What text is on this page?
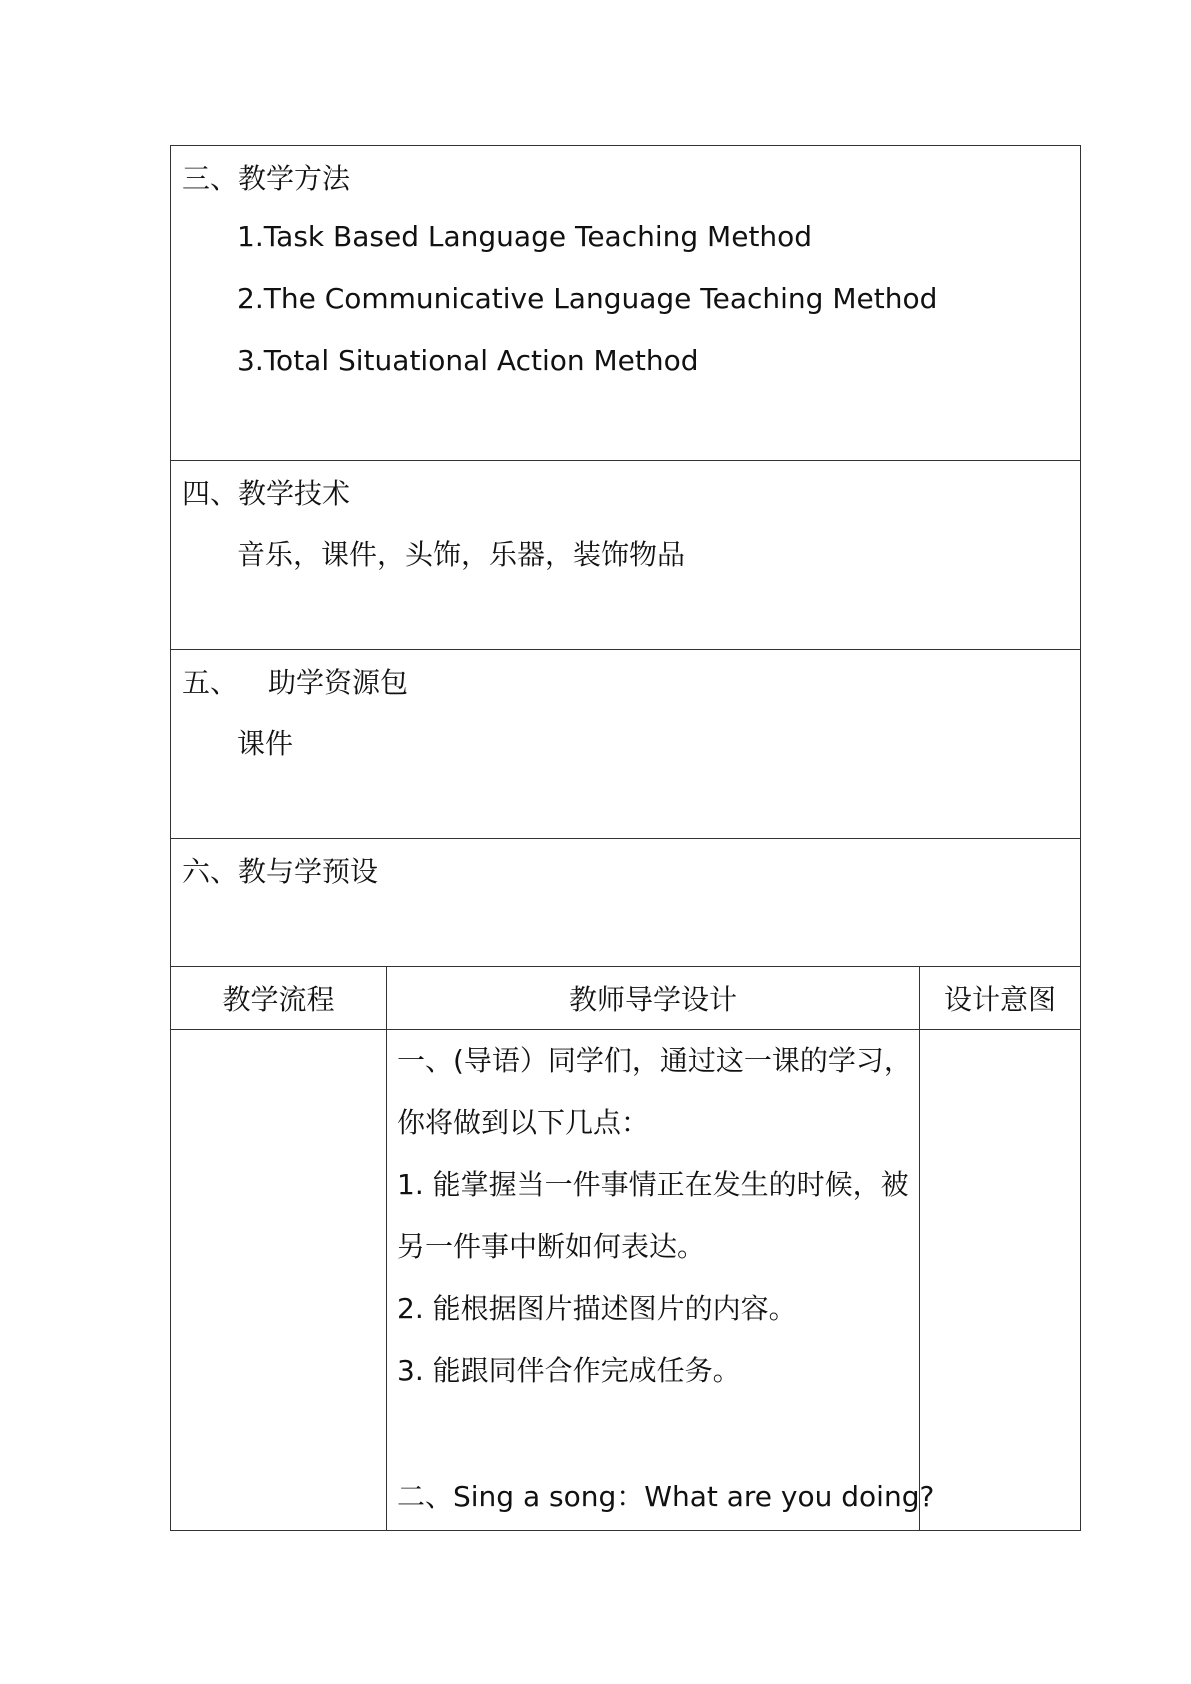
三、教学方法
1.Task Based Language Teaching Method
2.The Communicative Language Teaching Method
3.Total Situational Action Method
四、教学技术
音乐，课件，头饰，乐器，装饰物品
五、 助学资源包
课件
六、教与学预设
教学流程	教师导学设计	设计意图
一、(导语）同学们，通过这一课的学习，
你将做到以下几点：
1. 能掌握当一件事情正在发生的时候，被
另一件事中断如何表达。
2. 能根据图片描述图片的内容。
3. 能跟同伴合作完成任务。
二、Sing a song：What are you doing?
